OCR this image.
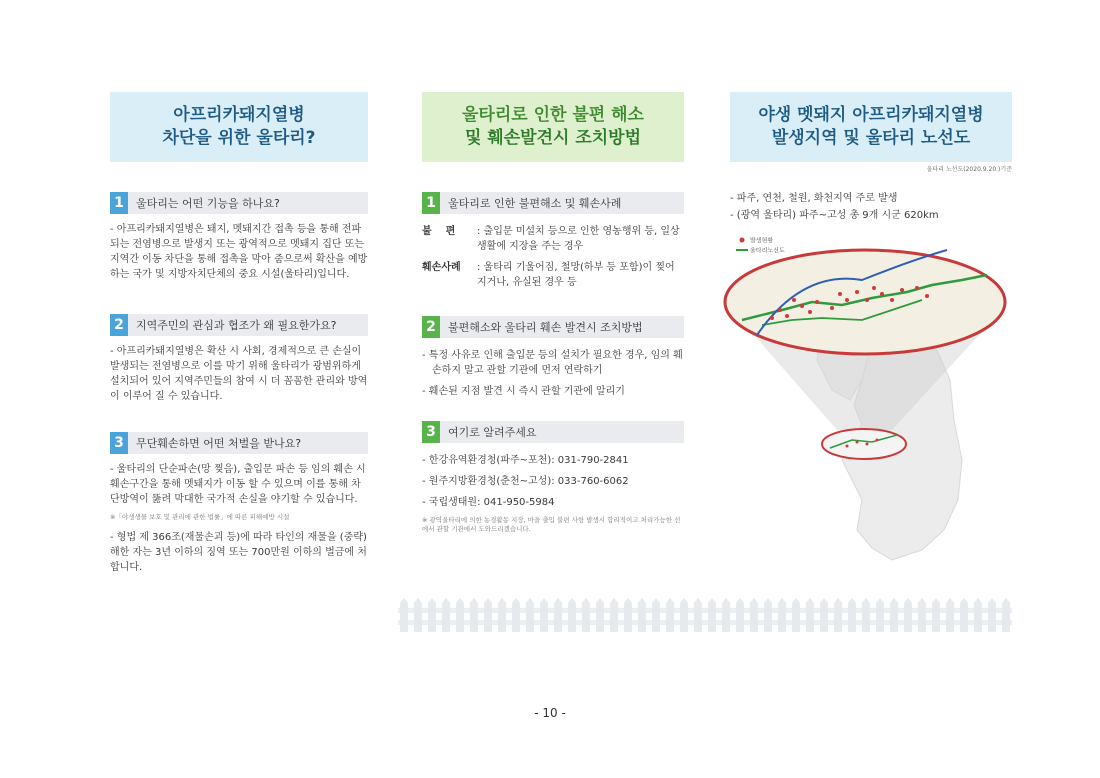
아프리카돼지열병
차단을 위한 울타리?
1	울타리는 어떤 기능을 하나요?
- 아프리카돼지열병은 돼지, 멧돼지간 접촉 등을 통해 전파되는 전염병으로 발생지 또는 광역적으로 멧돼지 집단 또는 지역간 이동 차단을 통해 접촉을 막아 줌으로써 확산을 예방하는 국가 및 지방자치단체의 중요 시설(울타리)입니다.
2	지역주민의 관심과 협조가 왜 필요한가요?
- 아프리카돼지열병은 확산 시 사회, 경제적으로 큰 손실이 발생되는 전염병으로 이를 막기 위해 울타리가 광범위하게 설치되어 있어 지역주민들의 참여 시 더 꼼꼼한 관리와 방역이 이루어 질 수 있습니다.
3	무단훼손하면 어떤 처벌을 받나요?
- 울타리의 단순파손(망 찢음), 출입문 파손 등 임의 훼손 시 훼손구간을 통해 멧돼지가 이동 할 수 있으며 이를 통해 차단방역이 뚫려 막대한 국가적 손실을 야기할 수 있습니다.
※「야생생물 보호 및 관리에 관한 법률」에 따른 피해예방 시설
- 형법 제 366조(재물손괴 등)에 따라 타인의 재물을 (중략) 해한 자는 3년 이하의 징역 또는 700만원 이하의 벌금에 처합니다.
울타리로 인한 불편 해소
및 훼손발견시 조치방법
1	울타리로 인한 불편해소 및 훼손사례
불    편	: 출입문 미설치 등으로 인한 영농행위 등, 일상생활에 지장을 주는 경우
훼손사례	: 울타리 기울어짐, 철망(하부 등 포함)이 찢어지거나, 유실된 경우 등
2	불편해소와 울타리 훼손 발견시 조치방법
- 특정 사유로 인해 출입문 등의 설치가 필요한 경우, 임의 훼손하지 말고 관할 기관에 먼저 연락하기
- 훼손된 지점 발견 시 즉시 관할 기관에 알리기
3	여기로 알려주세요
- 한강유역환경청(파주~포천): 031-790-2841
- 원주지방환경청(춘천~고성): 033-760-6062
- 국립생태원: 041-950-5984
※ 광역울타리에 의한 농경활동 지장, 마을 출입 불편 사항 발생시 합리적이고 처리가능한 선에서 관할 기관에서 도와드리겠습니다.
야생 멧돼지 아프리카돼지열병
발생지역 및 울타리 노선도
울타리 노선도(2020.9.20.)기준
- 파주, 연천, 철원, 화천지역 주로 발생
- (광역 울타리) 파주~고성 총 9개 시군 620km
발생현황
울타리노선도
- 10 -
